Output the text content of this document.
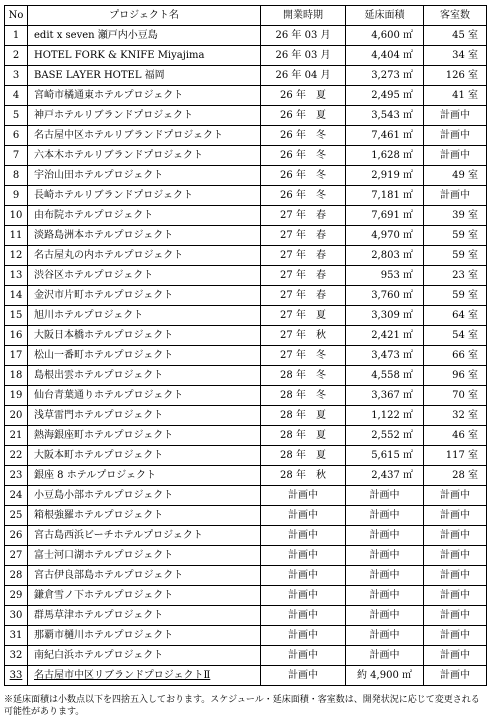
No	プロジェクト名	開業時期	延床面積	客室数
1	edit x seven 瀬戸内小豆島	26 年 03 月	4,600 ㎡	45 室
2	HOTEL FORK & KNIFE Miyajima	26 年 03 月	4,404 ㎡	34 室
3	BASE LAYER HOTEL 福岡	26 年 04 月	3,273 ㎡	126 室
4	宮崎市橘通東ホテルプロジェクト	26 年　夏	2,495 ㎡	41 室
5	神戸ホテルリブランドプロジェクト	26 年　夏	3,543 ㎡	計画中
6	名古屋中区ホテルリブランドプロジェクト	26 年　冬	7,461 ㎡	計画中
7	六本木ホテルリブランドプロジェクト	26 年　冬	1,628 ㎡	計画中
8	宇治山田ホテルプロジェクト	26 年　冬	2,919 ㎡	49 室
9	長崎ホテルリブランドプロジェクト	26 年　冬	7,181 ㎡	計画中
10	由布院ホテルプロジェクト	27 年　春	7,691 ㎡	39 室
11	淡路島洲本ホテルプロジェクト	27 年　春	4,970 ㎡	59 室
12	名古屋丸の内ホテルプロジェクト	27 年　春	2,803 ㎡	59 室
13	渋谷区ホテルプロジェクト	27 年　春	953 ㎡	23 室
14	金沢市片町ホテルプロジェクト	27 年　春	3,760 ㎡	59 室
15	旭川ホテルプロジェクト	27 年　夏	3,309 ㎡	64 室
16	大阪日本橋ホテルプロジェクト	27 年　秋	2,421 ㎡	54 室
17	松山一番町ホテルプロジェクト	27 年　冬	3,473 ㎡	66 室
18	島根出雲ホテルプロジェクト	28 年　冬	4,558 ㎡	96 室
19	仙台青葉通りホテルプロジェクト	28 年　冬	3,367 ㎡	70 室
20	浅草雷門ホテルプロジェクト	28 年　夏	1,122 ㎡	32 室
21	熱海銀座町ホテルプロジェクト	28 年　夏	2,552 ㎡	46 室
22	大阪本町ホテルプロジェクト	28 年　夏	5,615 ㎡	117 室
23	銀座 8 ホテルプロジェクト	28 年　秋	2,437 ㎡	28 室
24	小豆島小部ホテルプロジェクト	計画中	計画中	計画中
25	箱根強羅ホテルプロジェクト	計画中	計画中	計画中
26	宮古島西浜ビーチホテルプロジェクト	計画中	計画中	計画中
27	富士河口湖ホテルプロジェクト	計画中	計画中	計画中
28	宮古伊良部島ホテルプロジェクト	計画中	計画中	計画中
29	鎌倉雪ノ下ホテルプロジェクト	計画中	計画中	計画中
30	群馬草津ホテルプロジェクト	計画中	計画中	計画中
31	那覇市樋川ホテルプロジェクト	計画中	計画中	計画中
32	南紀白浜ホテルプロジェクト	計画中	計画中	計画中
33	名古屋市中区リブランドプロジェクトⅡ	計画中	約 4,900 ㎡	計画中
※延床面積は小数点以下を四捨五入しております。スケジュール・延床面積・客室数は、開発状況に応じて変更される可能性があります。
